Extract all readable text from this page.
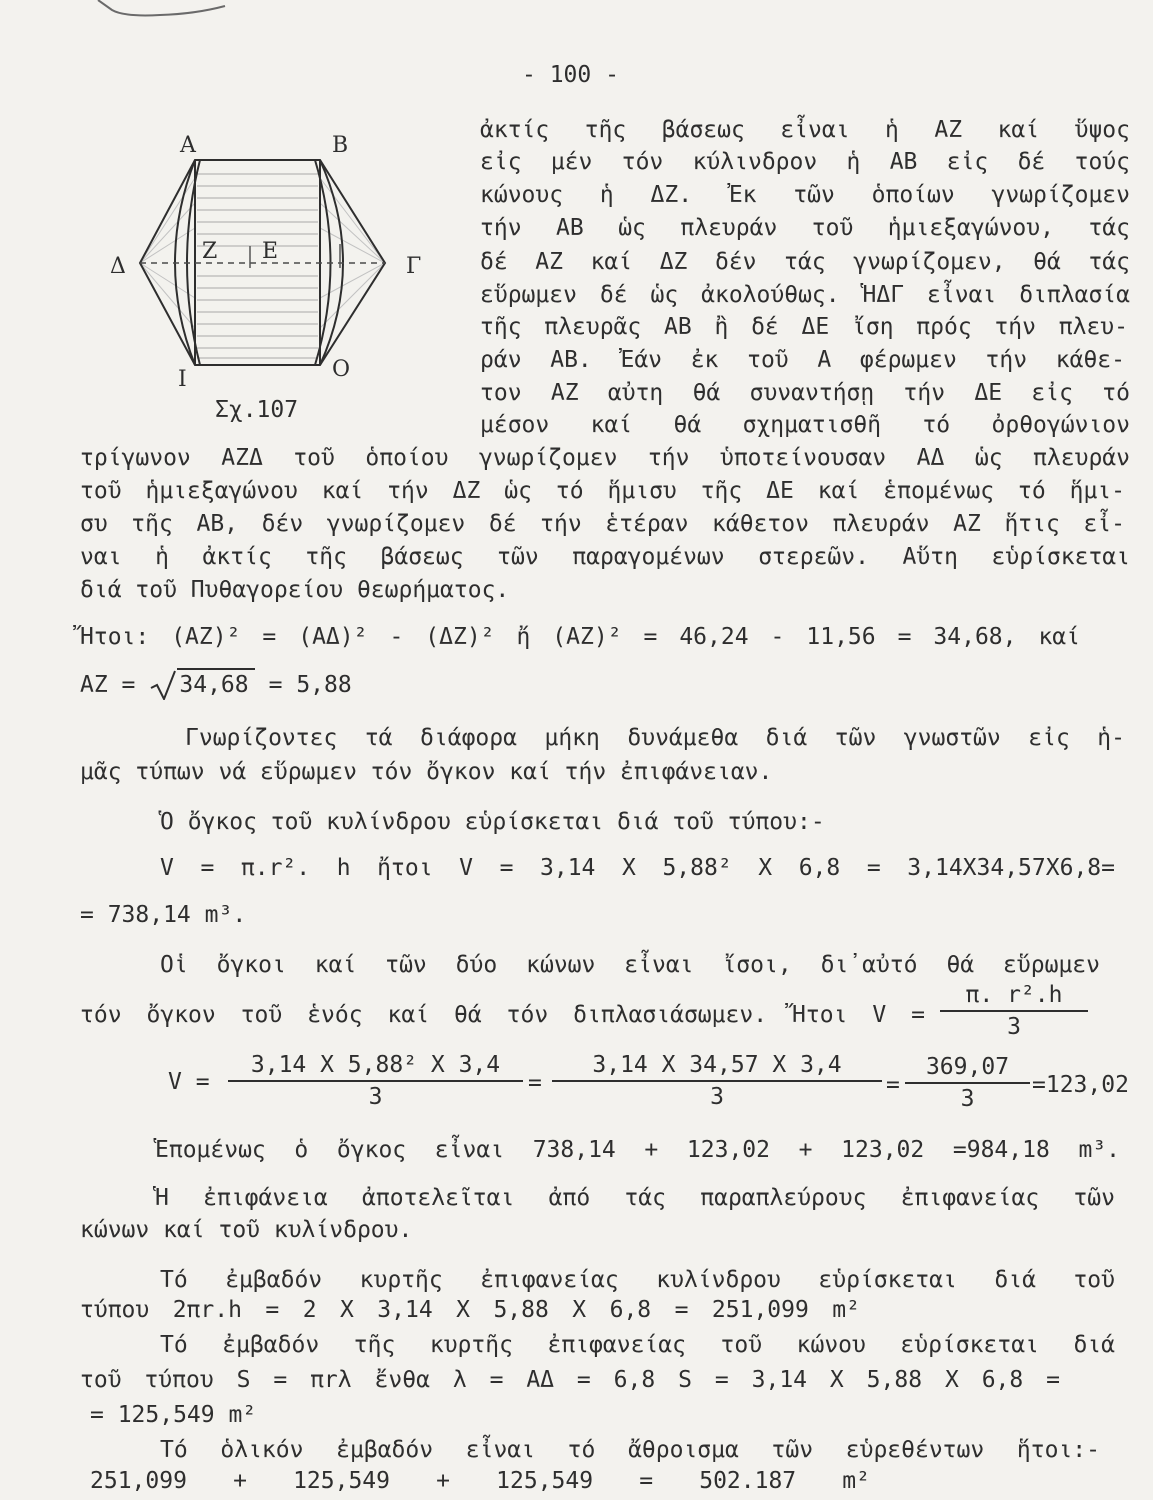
- 100 -
Α	Β
Δ	Γ
Ι	Ο
Ζ Ε
Σχ.107
ἀκτίς τῆς βάσεως εἶναι ἡ ΑΖ καί ὕψος
εἰς μέν τόν κύλινδρον ἡ ΑΒ εἰς δέ τούς
κώνους ἡ ΔΖ. Ἐκ τῶν ὁποίων γνωρίζομεν
τήν ΑΒ ὡς πλευράν τοῦ ἡμιεξαγώνου, τάς
δέ ΑΖ καί ΔΖ δέν τάς γνωρίζομεν, θά τάς
εὕρωμεν δέ ὡς ἀκολούθως. ἩΔΓ εἶναι διπλασία
τῆς πλευρᾶς ΑΒ ἢ δέ ΔΕ ἴση πρός τήν πλευ-
ράν ΑΒ. Ἐάν ἐκ τοῦ Α φέρωμεν τήν κάθε-
τον ΑΖ αὐτη θά συναντήσῃ τήν ΔΕ εἰς τό
μέσον καί θά σχηματισθῆ τό ὀρθογώνιον
τρίγωνον ΑΖΔ τοῦ ὁποίου γνωρίζομεν τήν ὑποτείνουσαν ΑΔ ὡς πλευράν
τοῦ ἡμιεξαγώνου καί τήν ΔΖ ὡς τό ἥμισυ τῆς ΔΕ καί ἑπομένως τό ἥμι-
συ τῆς ΑΒ, δέν γνωρίζομεν δέ τήν ἑτέραν κάθετον πλευράν ΑΖ ἥτις εἶ-
ναι ἡ ἀκτίς τῆς βάσεως τῶν παραγομένων στερεῶν. Αὕτη εὑρίσκεται
διά τοῦ Πυθαγορείου θεωρήματος.
Ἤτοι: (ΑΖ)² = (ΑΔ)² - (ΔΖ)² ἤ (ΑΖ)² = 46,24 - 11,56 = 34,68, καί
ΑΖ = 34,68 = 5,88
Γνωρίζοντες τά διάφορα μήκη δυνάμεθα διά τῶν γνωστῶν εἰς ἡ-
μᾶς τύπων νά εὕρωμεν τόν ὄγκον καί τήν ἐπιφάνειαν.
Ὁ ὄγκος τοῦ κυλίνδρου εὑρίσκεται διά τοῦ τύπου:-
V = π.r². h ἤτοι V = 3,14 X 5,88² X 6,8 = 3,14X34,57X6,8=
= 738,14 m³.
Οἱ ὄγκοι καί τῶν δύο κώνων εἶναι ἴσοι, δι᾽αὐτό θά εὕρωμεν
τόν ὄγκον τοῦ ἑνός καί θά τόν διπλασιάσωμεν. Ἤτοι V =
π. r².h
3
V =
3,14 X 5,88² X 3,4
3
=
3,14 X 34,57 X 3,4
3	=
369,07
3
=123,02
Ἑπομένως ὁ ὄγκος εἶναι 738,14 + 123,02 + 123,02 =984,18 m³.
Ἡ ἐπιφάνεια ἀποτελεῖται ἀπό τάς παραπλεύρους ἐπιφανείας τῶν
κώνων καί τοῦ κυλίνδρου.
Τό ἐμβαδόν κυρτῆς ἐπιφανείας κυλίνδρου εὑρίσκεται διά τοῦ
τύπου 2πr.h = 2 X 3,14 X 5,88 X 6,8 = 251,099 m²
Τό ἐμβαδόν τῆς κυρτῆς ἐπιφανείας τοῦ κώνου εὑρίσκεται διά
τοῦ τύπου S = πrλ ἔνθα λ = ΑΔ = 6,8 S = 3,14 X 5,88 X 6,8 =
= 125,549 m²
Τό ὁλικόν ἐμβαδόν εἶναι τό ἄθροισμα τῶν εὑρεθέντων ἥτοι:-
251,099 + 125,549 + 125,549 = 502.187 m²
